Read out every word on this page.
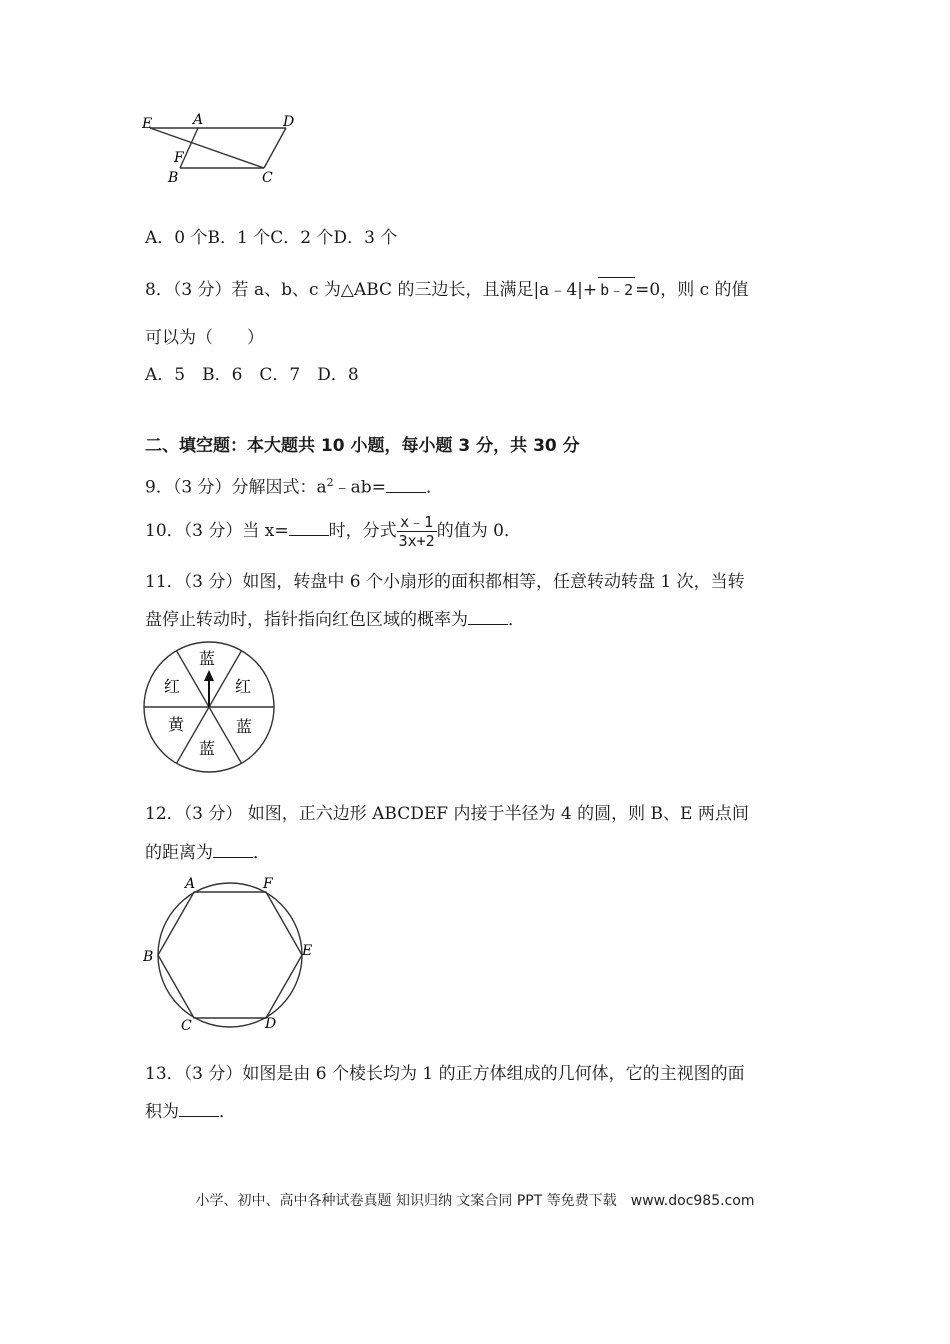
E	A	D
F
B	C
A．0 个B．1 个C．2 个D．3 个
8．（3 分）若 a、b、c 为△ABC 的三边长，且满足|a﹣4|+ b﹣2 =0，则 c 的值
可以为（　　）
A．5　B．6　C．7　D．8
二、填空题：本大题共 10 小题，每小题 3 分，共 30 分
9．（3 分）分解因式：$a^2﹣ab=$ ．
10．（3 分）当 x= 时，分式 $\frac{x﹣1}{3x+2}$ 的值为 0．
11．（3 分）如图，转盘中 6 个小扇形的面积都相等，任意转动转盘 1 次，当转
盘停止转动时，指针指向红色区域的概率为 ．
蓝
红
蓝
蓝
黄
红
12．（3 分） 如图，正六边形 ABCDEF 内接于半径为 4 的圆，则 B、E 两点间
的距离为 ．
A	F
B	E
C	D
13．（3 分）如图是由 6 个棱长均为 1 的正方体组成的几何体，它的主视图的面
积为 ．
小学、初中、高中各种试卷真题 知识归纳 文案合同 PPT 等免费下载　www.doc985.com
